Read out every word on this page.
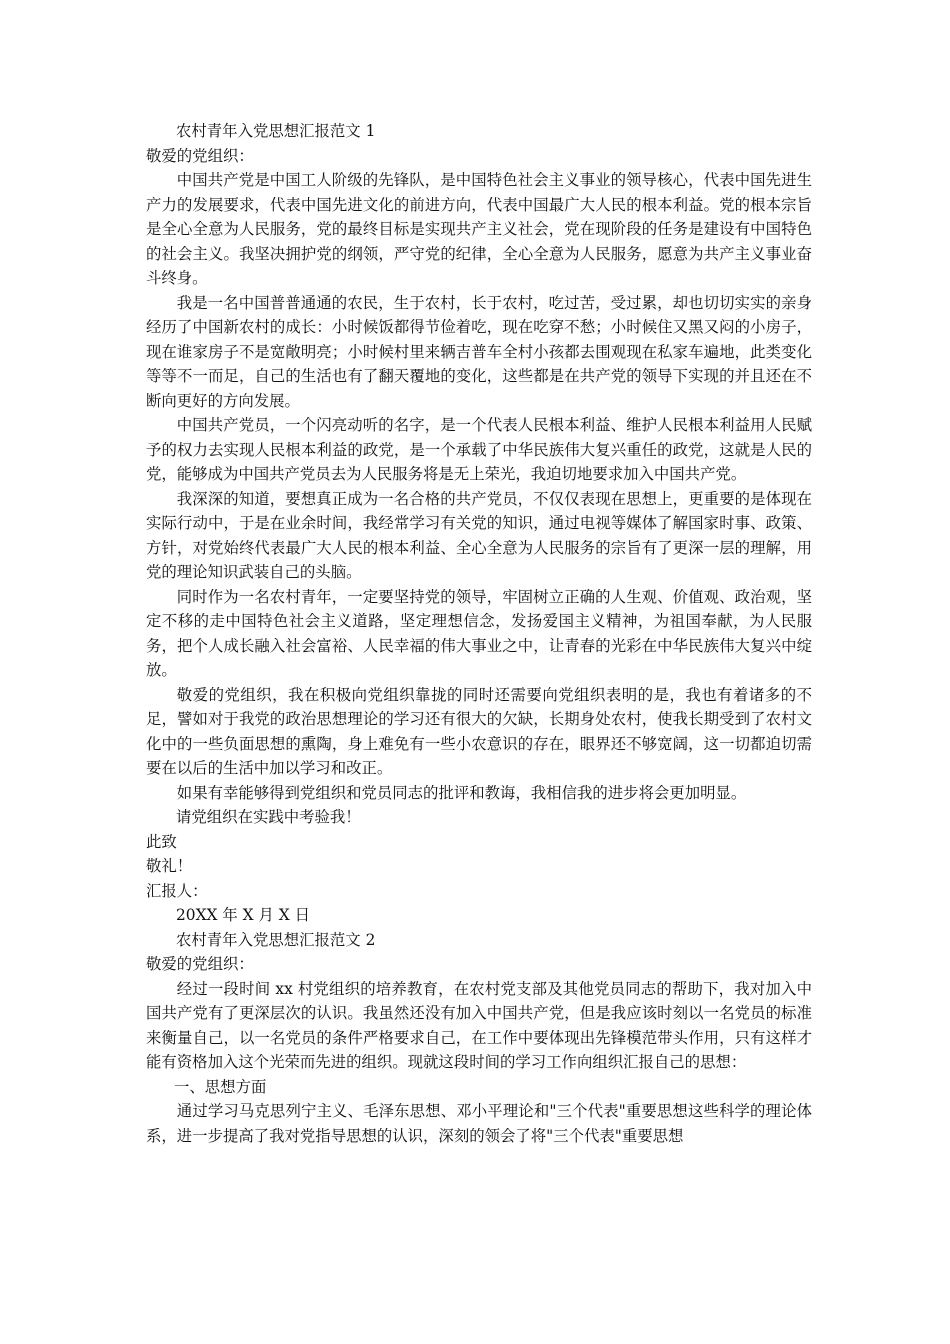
农村青年入党思想汇报范文 1

敬爱的党组织：

中国共产党是中国工人阶级的先锋队，是中国特色社会主义事业的领导核心，代表中国先进生产力的发展要求，代表中国先进文化的前进方向，代表中国最广大人民的根本利益。党的根本宗旨是全心全意为人民服务，党的最终目标是实现共产主义社会，党在现阶段的任务是建设有中国特色的社会主义。我坚决拥护党的纲领，严守党的纪律，全心全意为人民服务，愿意为共产主义事业奋斗终身。

我是一名中国普普通通的农民，生于农村，长于农村，吃过苦，受过累，却也切切实实的亲身经历了中国新农村的成长：小时候饭都得节俭着吃，现在吃穿不愁；小时候住又黑又闷的小房子，现在谁家房子不是宽敞明亮；小时候村里来辆吉普车全村小孩都去围观现在私家车遍地，此类变化等等不一而足，自己的生活也有了翻天覆地的变化，这些都是在共产党的领导下实现的并且还在不断向更好的方向发展。

中国共产党员，一个闪亮动听的名字，是一个代表人民根本利益、维护人民根本利益用人民赋予的权力去实现人民根本利益的政党，是一个承载了中华民族伟大复兴重任的政党，这就是人民的党，能够成为中国共产党员去为人民服务将是无上荣光，我迫切地要求加入中国共产党。

我深深的知道，要想真正成为一名合格的共产党员，不仅仅表现在思想上，更重要的是体现在实际行动中，于是在业余时间，我经常学习有关党的知识，通过电视等媒体了解国家时事、政策、方针，对党始终代表最广大人民的根本利益、全心全意为人民服务的宗旨有了更深一层的理解，用党的理论知识武装自己的头脑。

同时作为一名农村青年，一定要坚持党的领导，牢固树立正确的人生观、价值观、政治观，坚定不移的走中国特色社会主义道路，坚定理想信念，发扬爱国主义精神，为祖国奉献，为人民服务，把个人成长融入社会富裕、人民幸福的伟大事业之中，让青春的光彩在中华民族伟大复兴中绽放。

敬爱的党组织，我在积极向党组织靠拢的同时还需要向党组织表明的是，我也有着诸多的不足，譬如对于我党的政治思想理论的学习还有很大的欠缺，长期身处农村，使我长期受到了农村文化中的一些负面思想的熏陶，身上难免有一些小农意识的存在，眼界还不够宽阔，这一切都迫切需要在以后的生活中加以学习和改正。

如果有幸能够得到党组织和党员同志的批评和教诲，我相信我的进步将会更加明显。

请党组织在实践中考验我！

此致

敬礼！

汇报人：

20XX 年 X 月 X 日

农村青年入党思想汇报范文 2

敬爱的党组织：

经过一段时间 xx 村党组织的培养教育，在农村党支部及其他党员同志的帮助下，我对加入中国共产党有了更深层次的认识。我虽然还没有加入中国共产党，但是我应该时刻以一名党员的标准来衡量自己，以一名党员的条件严格要求自己，在工作中要体现出先锋模范带头作用，只有这样才能有资格加入这个光荣而先进的组织。现就这段时间的学习工作向组织汇报自己的思想：

一、思想方面

通过学习马克思列宁主义、毛泽东思想、邓小平理论和"三个代表"重要思想这些科学的理论体系，进一步提高了我对党指导思想的认识，深刻的领会了将"三个代表"重要思想
